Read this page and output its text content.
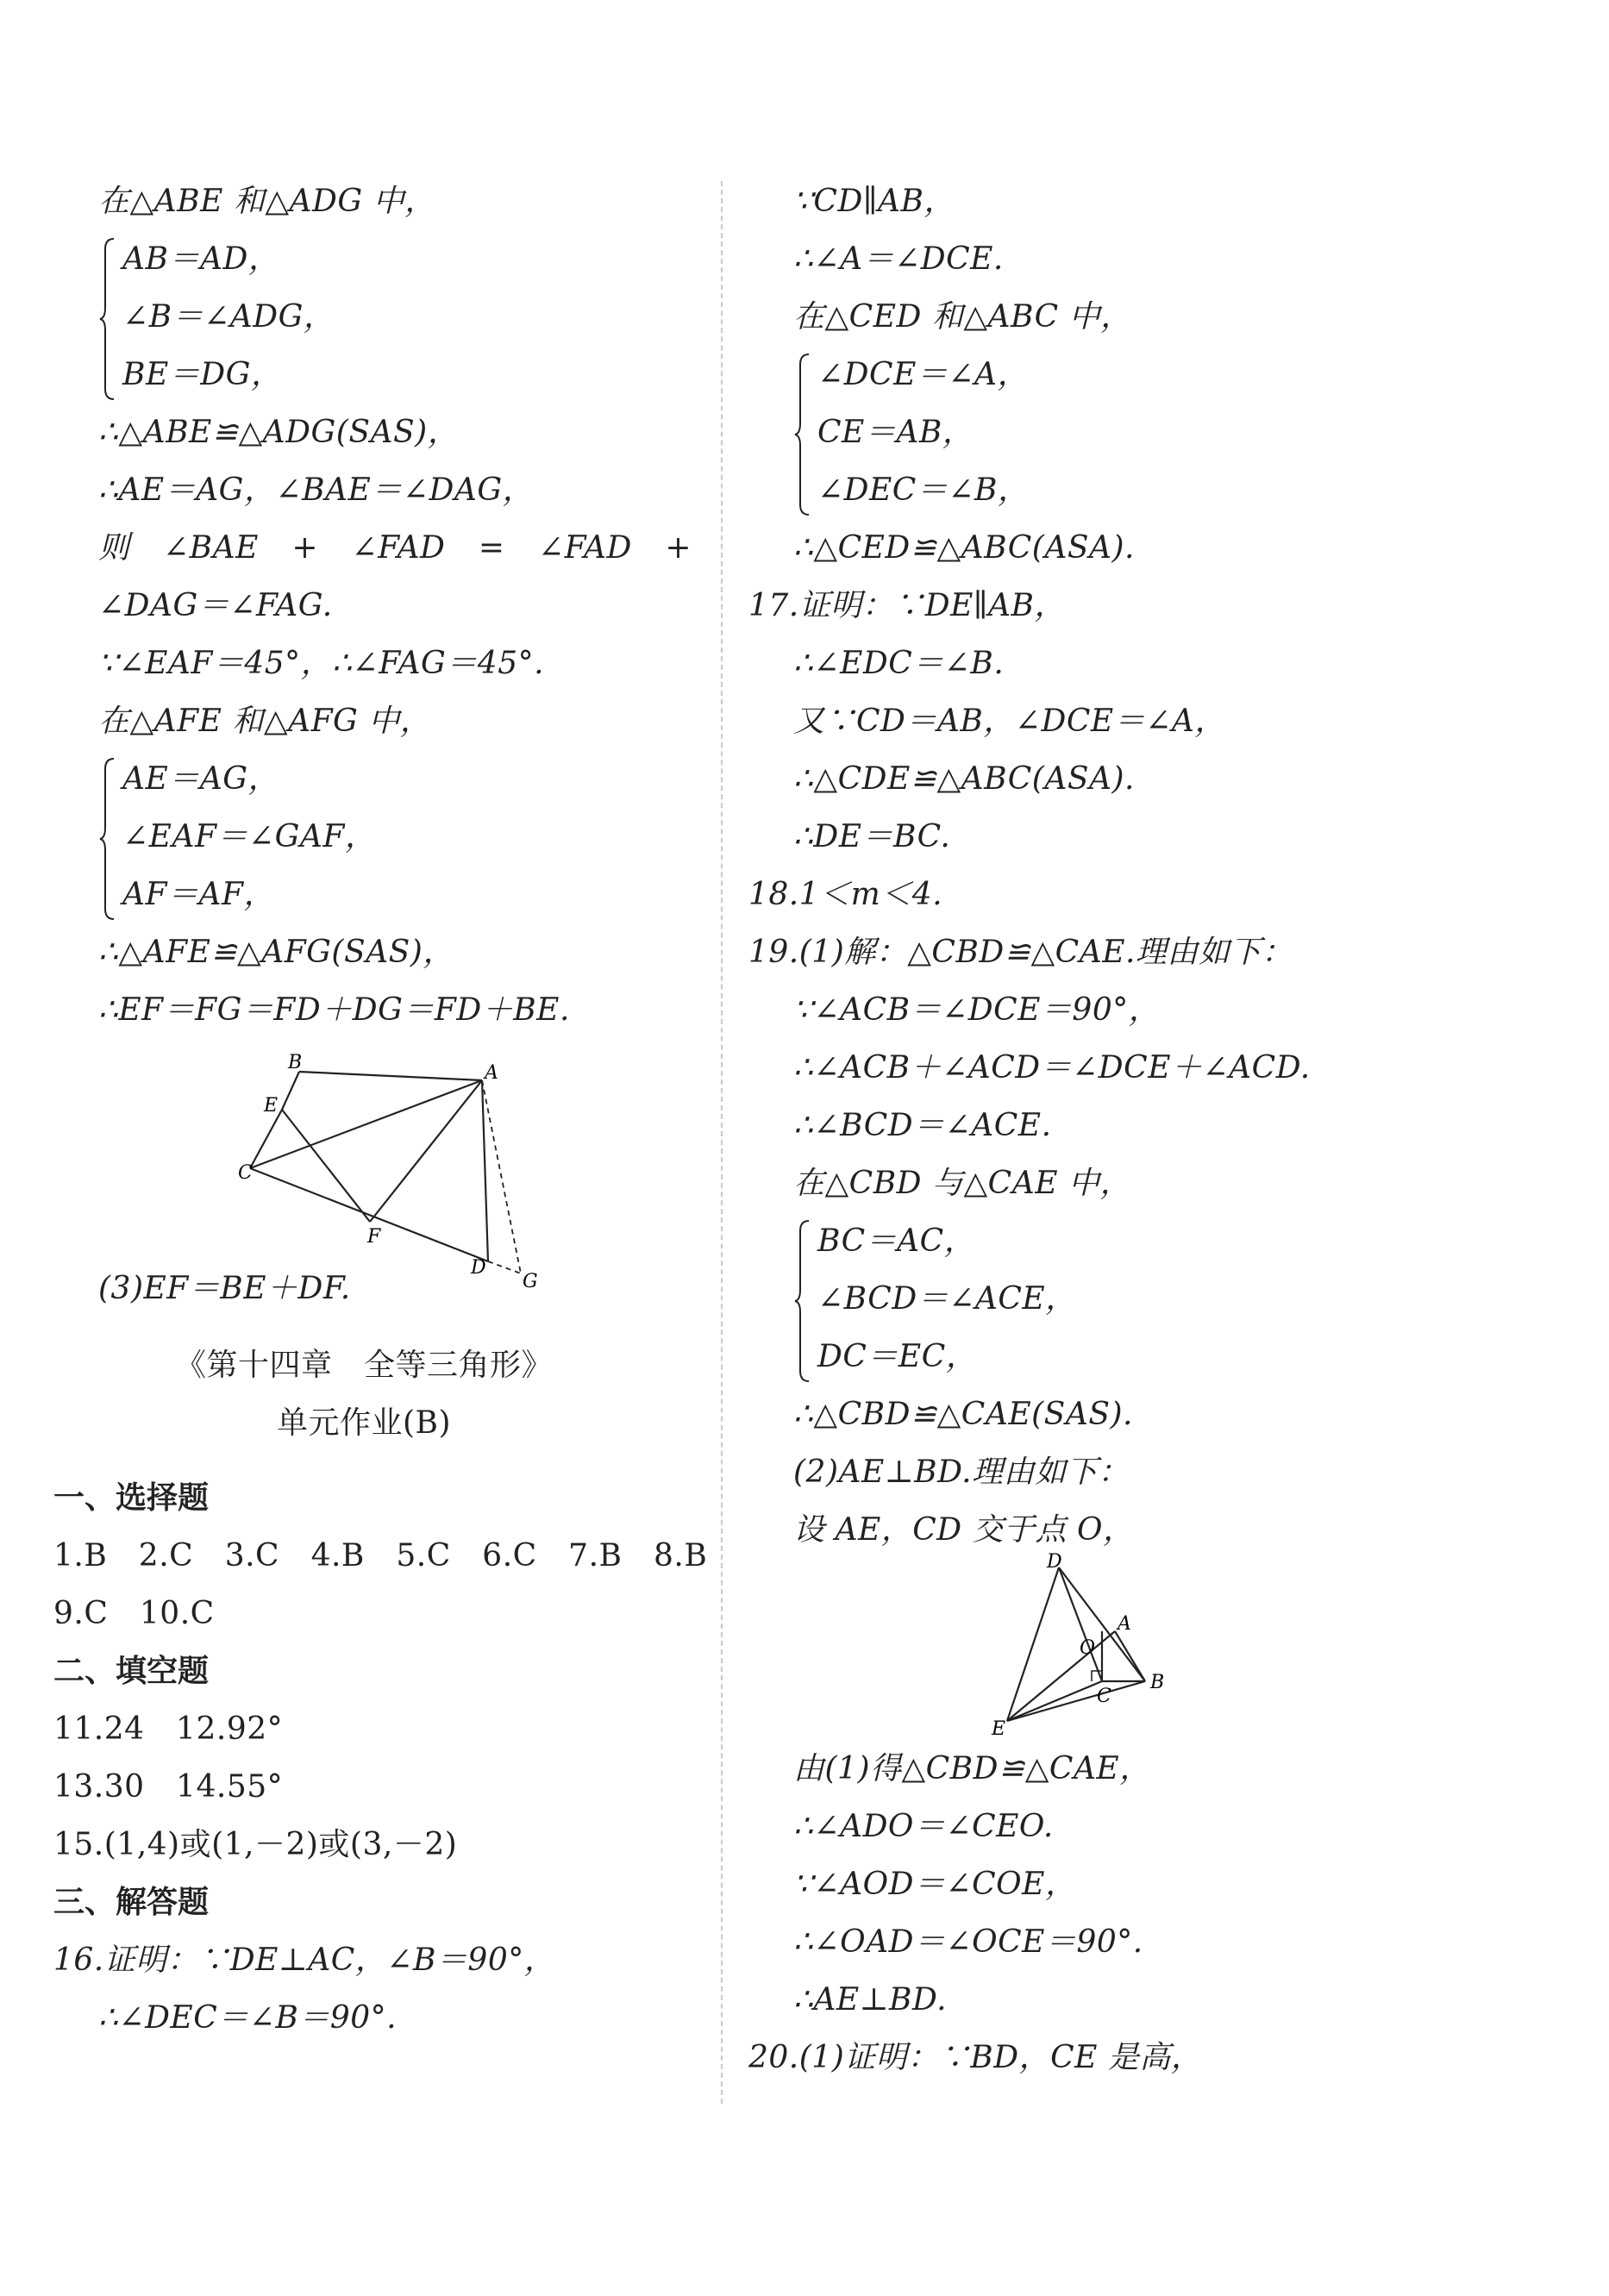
在△ABE 和△ADG 中，
AB＝AD，
∠B＝∠ADG，
BE＝DG，
∴△ABE≌△ADG(SAS)，
∴AE＝AG，∠BAE＝∠DAG，
则 ∠BAE + ∠FAD = ∠FAD +
∠DAG＝∠FAG.
∵∠EAF＝45°，∴∠FAG＝45°.
在△AFE 和△AFG 中，
AE＝AG，
∠EAF＝∠GAF，
AF＝AF，
∴△AFE≌△AFG(SAS)，
∴EF＝FG＝FD＋DG＝FD＋BE.
B	A
E
C
F
D
G
(3)EF＝BE＋DF.
《第十四章　全等三角形》
单元作业(B)
一、选择题
1.B　2.C　3.C　4.B　5.C　6.C　7.B　8.B
9.C　10.C
二、填空题
11.24　12.92°
13.30　14.55°
15.(1,4)或(1,－2)或(3,－2)
三、解答题
16.证明：∵DE⊥AC，∠B＝90°，
∴∠DEC＝∠B＝90°.
∵CD∥AB，
∴∠A＝∠DCE.
在△CED 和△ABC 中，
∠DCE＝∠A，
CE＝AB，
∠DEC＝∠B，
∴△CED≌△ABC(ASA).
17.证明：∵DE∥AB，
∴∠EDC＝∠B.
又∵CD＝AB，∠DCE＝∠A，
∴△CDE≌△ABC(ASA).
∴DE＝BC.
18.1＜m＜4.
19.(1)解：△CBD≌△CAE.理由如下：
∵∠ACB＝∠DCE＝90°，
∴∠ACB＋∠ACD＝∠DCE＋∠ACD.
∴∠BCD＝∠ACE.
在△CBD 与△CAE 中，
BC＝AC，
∠BCD＝∠ACE，
DC＝EC，
∴△CBD≌△CAE(SAS).
(2)AE⊥BD.理由如下：
设 AE，CD 交于点 O，
D
A
O
C
B
E
由(1)得△CBD≌△CAE，
∴∠ADO＝∠CEO.
∵∠AOD＝∠COE，
∴∠OAD＝∠OCE＝90°.
∴AE⊥BD.
20.(1)证明：∵BD，CE 是高，
